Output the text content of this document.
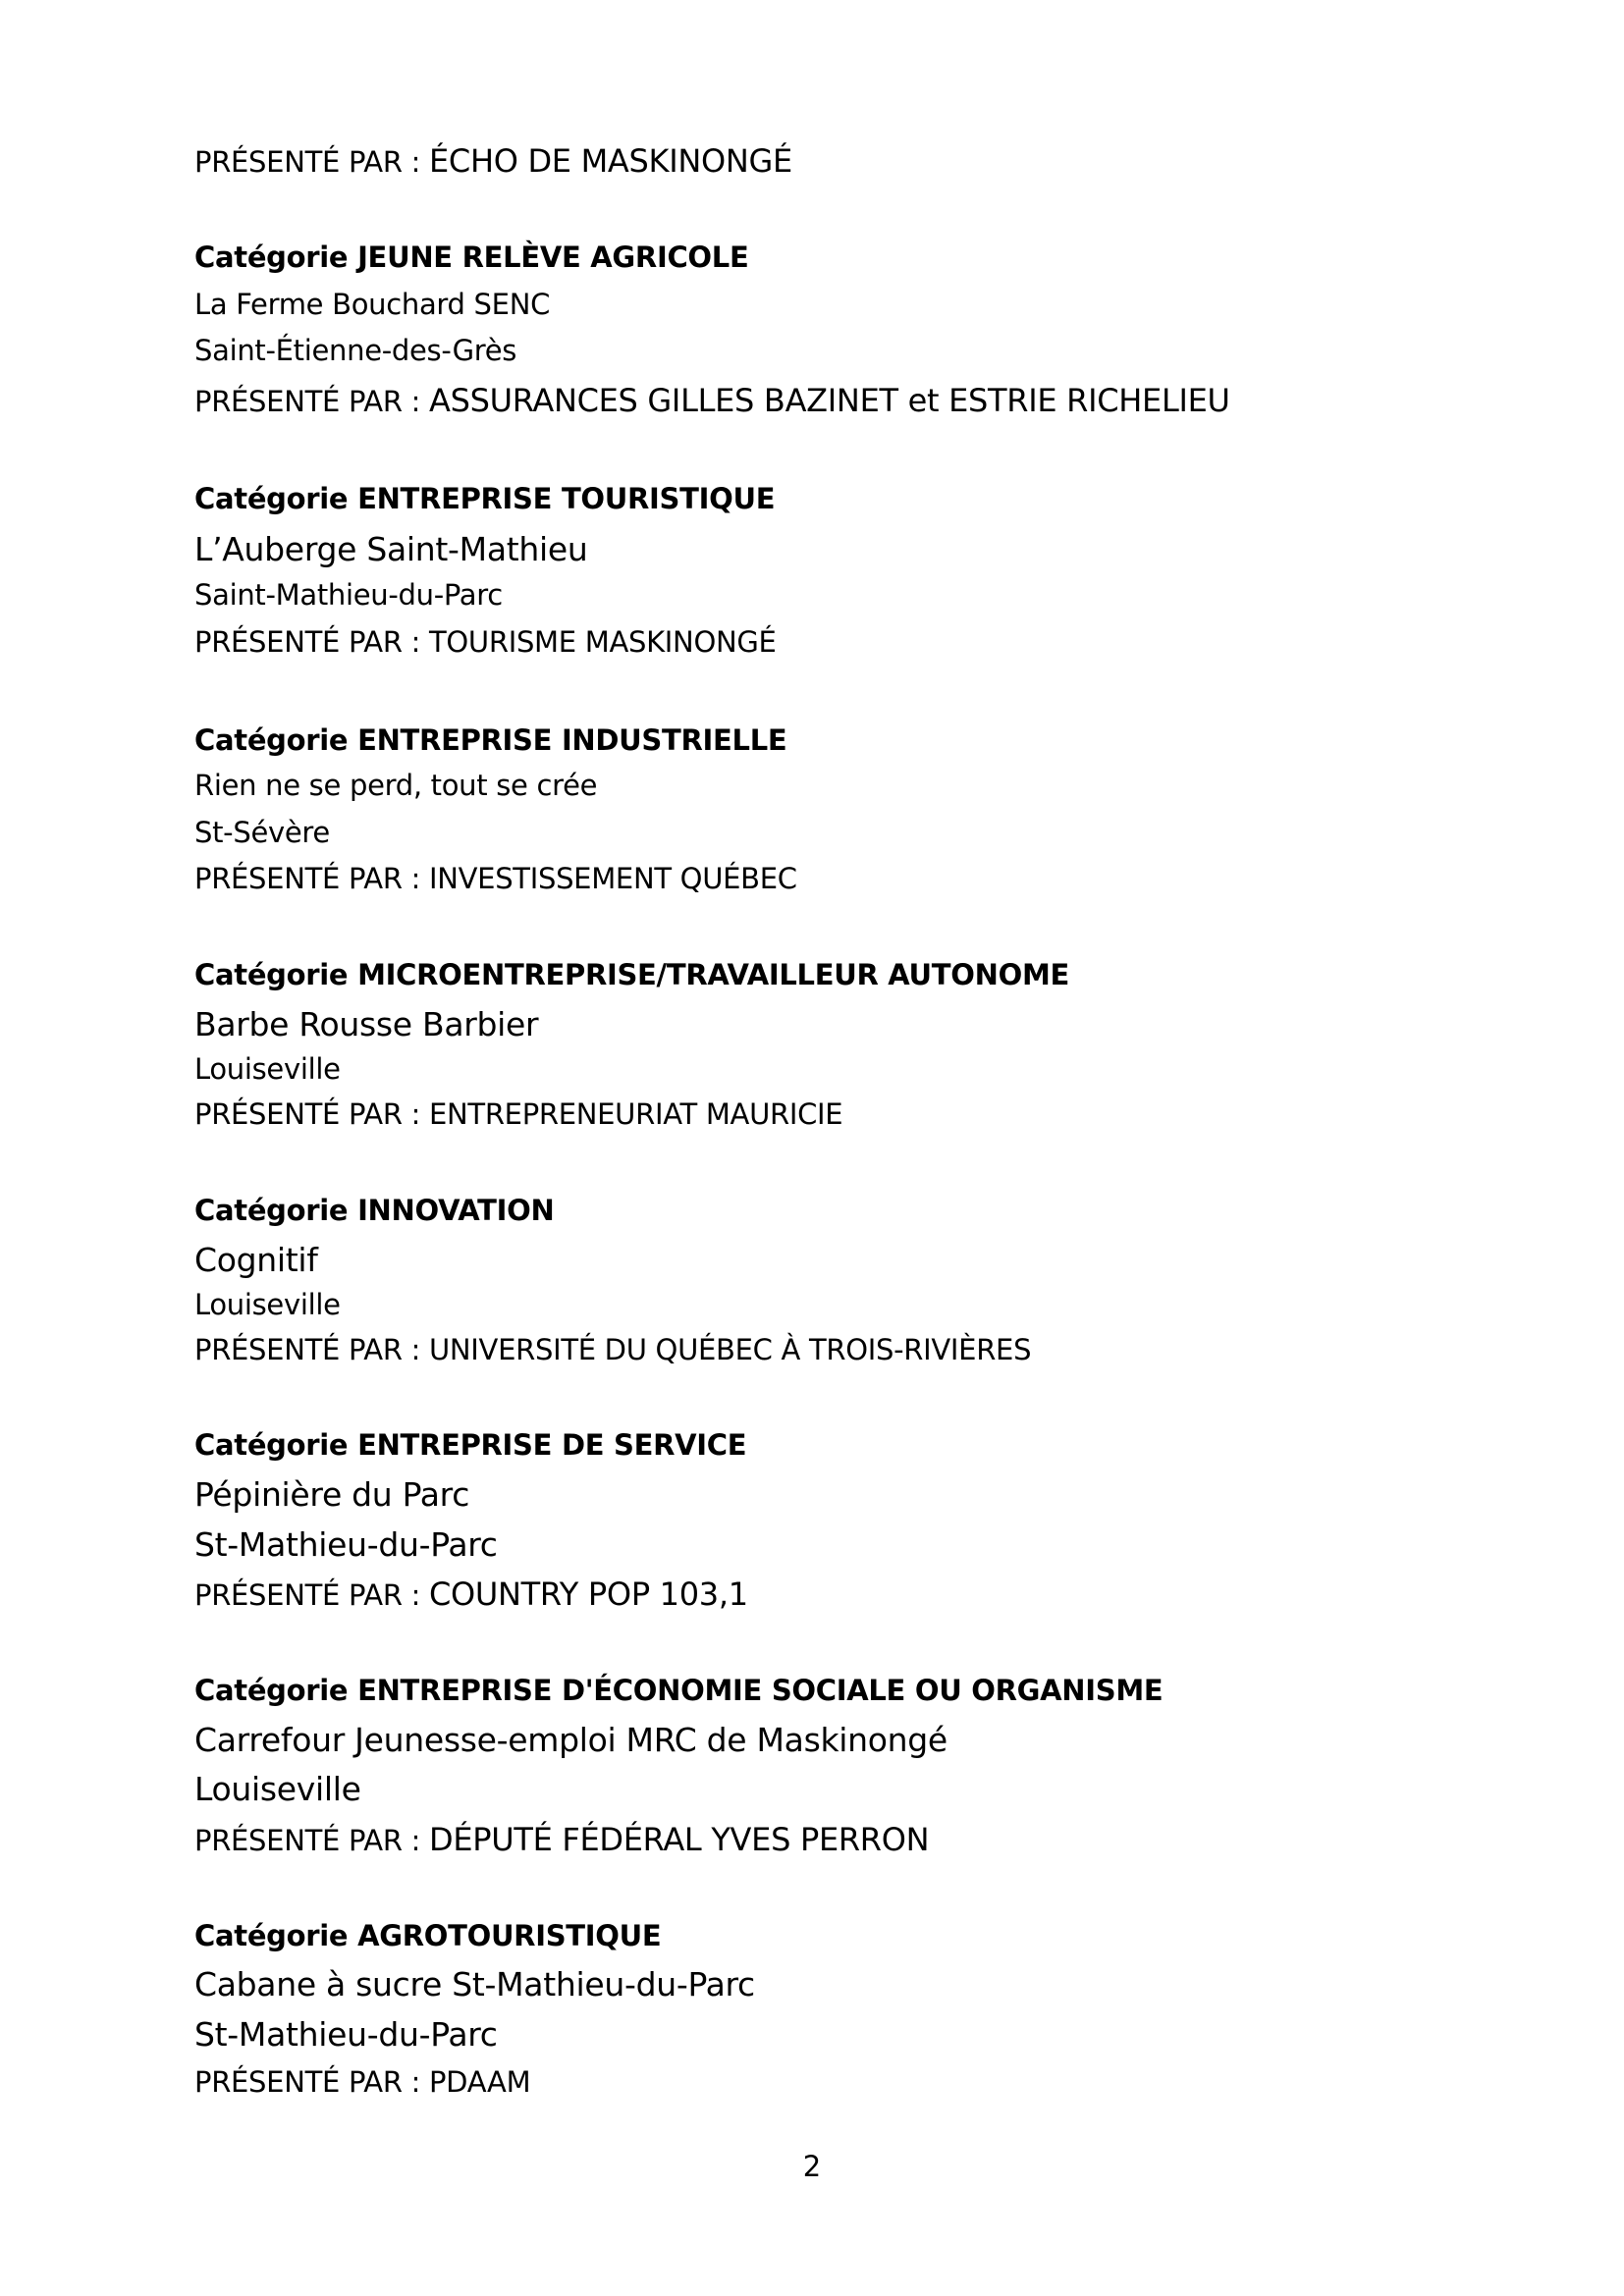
PRÉSENTÉ PAR : ÉCHO DE MASKINONGÉ
Catégorie JEUNE RELÈVE AGRICOLE
La Ferme Bouchard SENC
Saint-Étienne-des-Grès
PRÉSENTÉ PAR : ASSURANCES GILLES BAZINET et ESTRIE RICHELIEU
Catégorie ENTREPRISE TOURISTIQUE
L’Auberge Saint-Mathieu
Saint-Mathieu-du-Parc
PRÉSENTÉ PAR : TOURISME MASKINONGÉ
Catégorie ENTREPRISE INDUSTRIELLE
Rien ne se perd, tout se crée
St-Sévère
PRÉSENTÉ PAR : INVESTISSEMENT QUÉBEC
Catégorie MICROENTREPRISE/TRAVAILLEUR AUTONOME
Barbe Rousse Barbier
Louiseville
PRÉSENTÉ PAR : ENTREPRENEURIAT MAURICIE
Catégorie INNOVATION
Cognitif
Louiseville
PRÉSENTÉ PAR : UNIVERSITÉ DU QUÉBEC À TROIS-RIVIÈRES
Catégorie ENTREPRISE DE SERVICE
Pépinière du Parc
St-Mathieu-du-Parc
PRÉSENTÉ PAR : COUNTRY POP 103,1
Catégorie ENTREPRISE D'ÉCONOMIE SOCIALE OU ORGANISME
Carrefour Jeunesse-emploi MRC de Maskinongé
Louiseville
PRÉSENTÉ PAR : DÉPUTÉ FÉDÉRAL YVES PERRON
Catégorie AGROTOURISTIQUE
Cabane à sucre St-Mathieu-du-Parc
St-Mathieu-du-Parc
PRÉSENTÉ PAR : PDAAM
2
